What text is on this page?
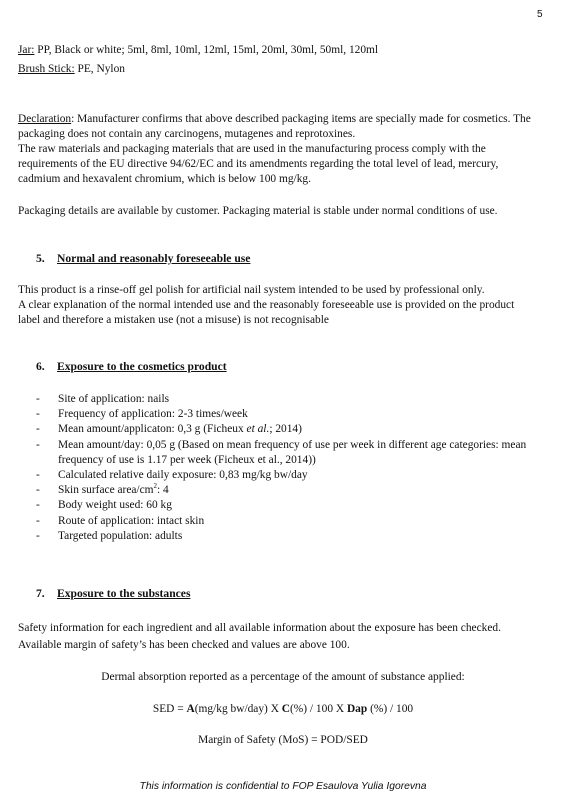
5

Jar: PP, Black or white; 5ml, 8ml, 10ml, 12ml, 15ml, 20ml, 30ml, 50ml, 120ml

Brush Stick: PE, Nylon

Declaration: Manufacturer confirms that above described packaging items are specially made for cosmetics. The packaging does not contain any carcinogens, mutagenes and reprotoxines.
The raw materials and packaging materials that are used in the manufacturing process comply with the requirements of the EU directive 94/62/EC and its amendments regarding the total level of lead, mercury, cadmium and hexavalent chromium, which is below 100 mg/kg.

Packaging details are available by customer. Packaging material is stable under normal conditions of use.

5. Normal and reasonably foreseeable use

This product is a rinse-off gel polish for artificial nail system intended to be used by professional only.
A clear explanation of the normal intended use and the reasonably foreseeable use is provided on the product label and therefore a mistaken use (not a misuse) is not recognisable

6. Exposure to the cosmetics product
- Site of application: nails
- Frequency of application: 2-3 times/week
- Mean amount/applicaton: 0,3 g (Ficheux et al.; 2014)
- Mean amount/day: 0,05 g (Based on mean frequency of use per week in different age categories: mean frequency of use is 1.17 per week (Ficheux et al., 2014))
- Calculated relative daily exposure: 0,83 mg/kg bw/day
- Skin surface area/$cm^2$: 4
- Body weight used: 60 kg
- Route of application: intact skin
- Targeted population: adults
7. Exposure to the substances

Safety information for each ingredient and all available information about the exposure has been checked. Available margin of safety’s has been checked and values are above 100.

Dermal absorption reported as a percentage of the amount of substance applied:
SED = A(mg/kg bw/day) X C(%) / 100 X Dap (%) / 100
Margin of Safety (MoS) = POD/SED
This information is confidential to FOP Esaulova Yulia Igorevna
